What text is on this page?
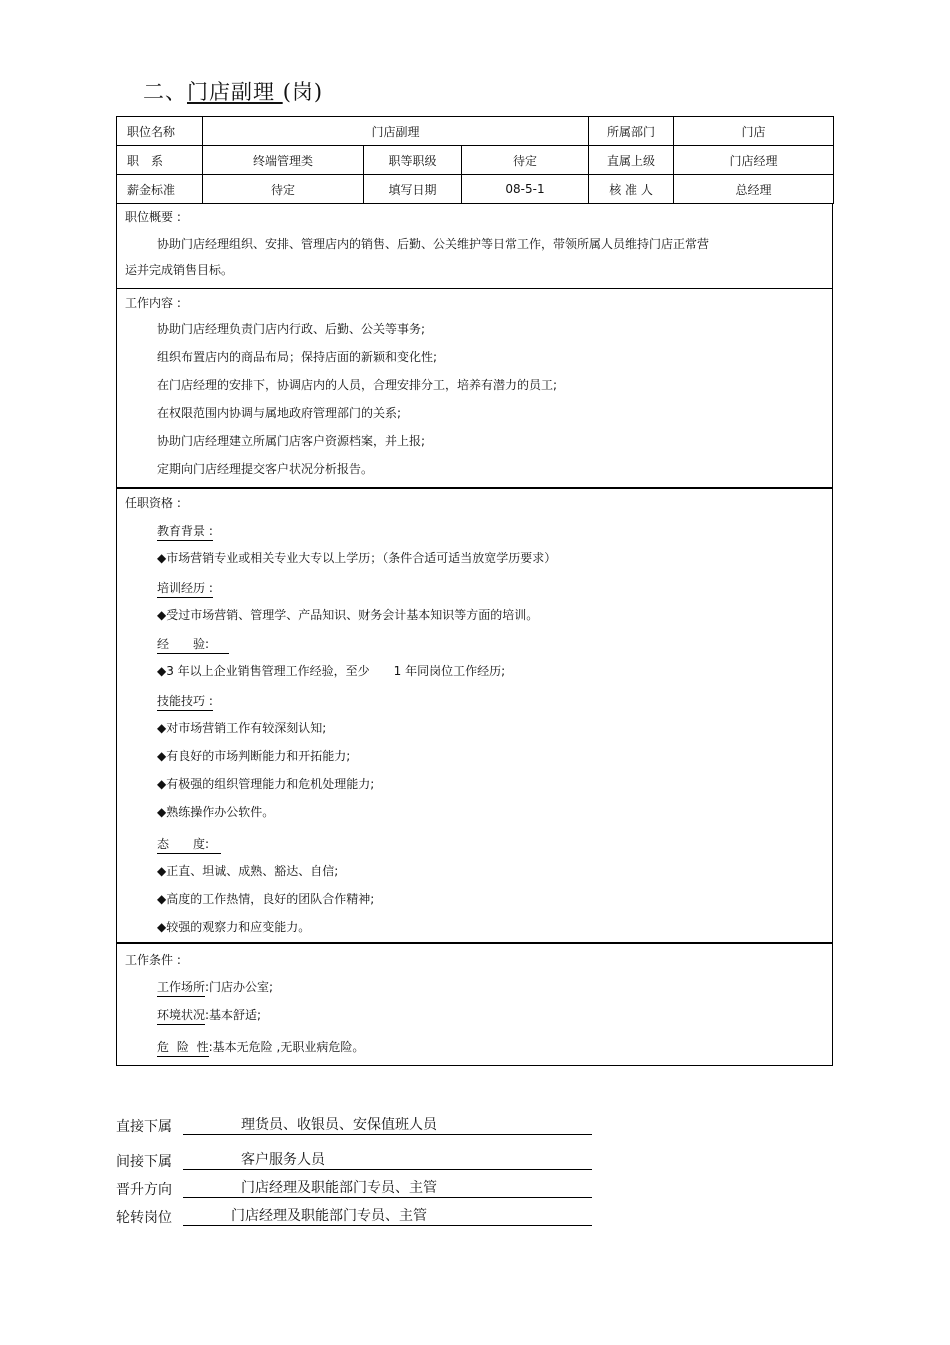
二、门店副理 (岗)
职位名称	门店副理			所属部门	门店
职　系	终端管理类	职等职级	待定	直属上级	门店经理
薪金标准	待定	填写日期	08-5-1	核 准 人	总经理
职位概要 :
协助门店经理组织、安排、管理店内的销售、后勤、公关维护等日常工作，带领所属人员维持门店正常营
运并完成销售目标。
工作内容 :
协助门店经理负责门店内行政、后勤、公关等事务;
组织布置店内的商品布局；保持店面的新颖和变化性;
在门店经理的安排下，协调店内的人员，合理安排分工，培养有潜力的员工;
在权限范围内协调与属地政府管理部门的关系;
协助门店经理建立所属门店客户资源档案，并上报;
定期向门店经理提交客户状况分析报告。
任职资格 :
教育背景 :
◆市场营销专业或相关专业大专以上学历；（条件合适可适当放宽学历要求）
培训经历 :
◆受过市场营销、管理学、产品知识、财务会计基本知识等方面的培训。
经　　验:
◆3 年以上企业销售管理工作经验，至少　　1 年同岗位工作经历;
技能技巧 :
◆对市场营销工作有较深刻认知;
◆有良好的市场判断能力和开拓能力;
◆有极强的组织管理能力和危机处理能力;
◆熟练操作办公软件。
态　　度:
◆正直、坦诚、成熟、豁达、自信;
◆高度的工作热情，良好的团队合作精神;
◆较强的观察力和应变能力。
工作条件 :
工作场所:门店办公室;
环境状况:基本舒适;
危 险 性:基本无危险 ,无职业病危险。
直接下属	理货员、收银员、安保值班人员

间接下属	客户服务人员

晋升方向	门店经理及职能部门专员、主管

轮转岗位	门店经理及职能部门专员、主管
